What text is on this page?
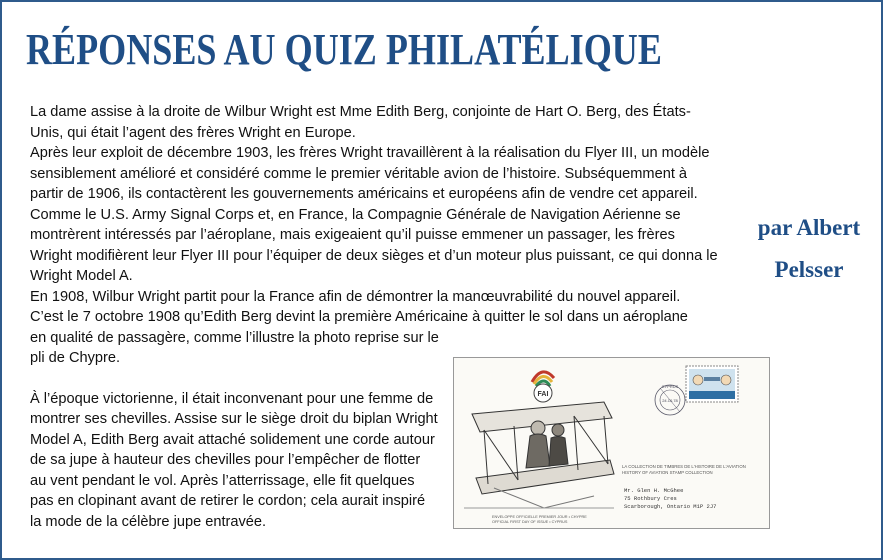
RÉPONSES AU QUIZ PHILATÉLIQUE

La dame assise à la droite de Wilbur Wright est Mme Edith Berg, conjointe de Hart O. Berg, des États-Unis, qui était l’agent des frères Wright en Europe.

Après leur exploit de décembre 1903, les frères Wright travaillèrent à la réalisation du Flyer III, un modèle sensiblement amélioré et considéré comme le premier véritable avion de l’histoire. Subséquemment à partir de 1906, ils contactèrent les gouvernements américains et européens afin de vendre cet appareil.

Comme le U.S. Army Signal Corps et, en France, la Compagnie Générale de Navigation Aérienne se montrèrent intéressés par l’aéroplane, mais exigeaient qu’il puisse emmener un passager, les frères Wright modifièrent leur Flyer III pour l’équiper de deux sièges et d’un moteur plus puissant, ce qui donna le Wright Model A.

En 1908, Wilbur Wright partit pour la France afin de démontrer la manœuvrabilité du nouvel appareil.

C’est le 7 octobre 1908 qu’Edith Berg devint la première Américaine à quitter le sol dans un aéroplane

en qualité de passagère, comme l’illustre la photo reprise sur le pli de Chypre.

À l’époque victorienne, il était inconvenant pour une femme de montrer ses chevilles. Assise sur le siège droit du biplan Wright Model A, Edith Berg avait attaché solidement une corde autour de sa jupe à hauteur des chevilles pour l’empêcher de flotter au vent pendant le vol. Après l’atterrissage, elle fit quelques pas en clopinant avant de retirer le cordon; cela aurait inspiré la mode de la célèbre jupe entravée.

par Albert
Pelsser
FAI
CYPRUS
24.10.78
LA COLLECTION DE TIMBRES DE L'HISTOIRE DE L'AVIATION
HISTORY OF AVIATION STAMP COLLECTION
Mr. Glen H. McGhee
75 Rothbury Cres
Scarborough, Ontario M1P 2J7
ENVELOPPE OFFICIELLE PREMIER JOUR • CHYPRE
OFFICIAL FIRST DAY OF ISSUE • CYPRUS
